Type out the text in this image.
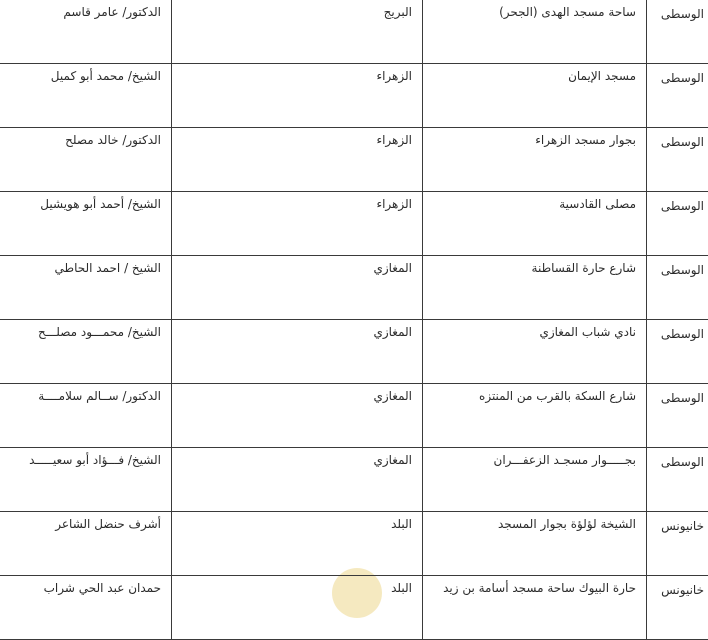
الوسطى	ساحة مسجد الهدى (الجحر)	البريج	الدكتور/ عامر قاسم
الوسطى	مسجد الإيمان	الزهراء	الشيخ/ محمد أبو كميل
الوسطى	بجوار مسجد الزهراء	الزهراء	الدكتور/ خالد مصلح
الوسطى	مصلى القادسية	الزهراء	الشيخ/ أحمد أبو هويشيل
الوسطى	شارع حارة القساطنة	المغازي	الشيخ / احمد الحاطي
الوسطى	نادي شباب المغازي	المغازي	الشيخ/ محمـــود مصلـــح
الوسطى	شارع السكة بالقرب من المنتزه	المغازي	الدكتور/ ســالم سلامــــة
الوسطى	بجـــــوار مسجـد الزعفـــران	المغازي	الشيخ/ فـــؤاد أبو سعيـــــد
خانيونس	الشيخة لؤلؤة بجوار المسجد	البلد	أشرف حنضل الشاعر
خانيونس	حارة البيوك ساحة مسجد أسامة بن زيد	البلد	حمدان عبد الحي شراب
